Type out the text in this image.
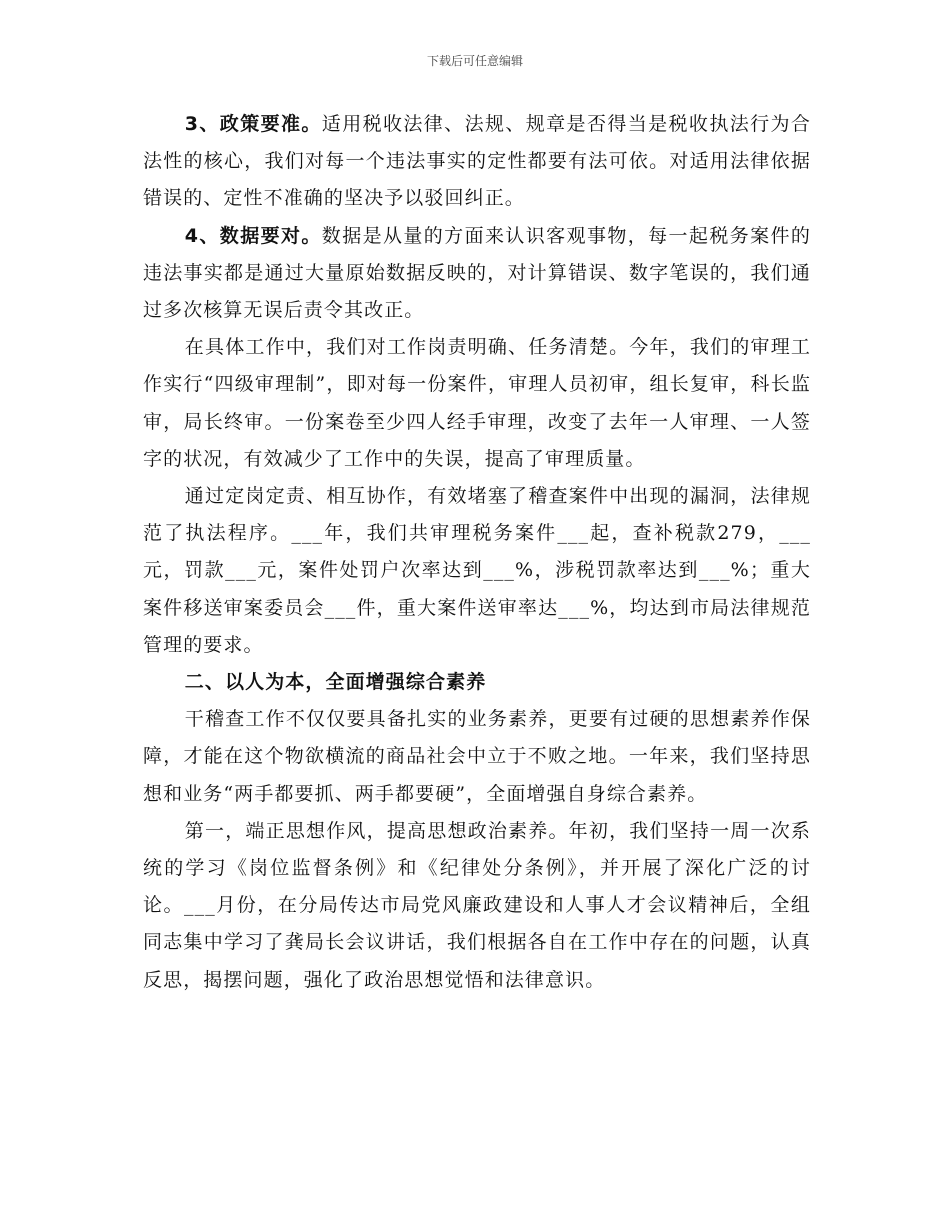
下载后可任意编辑

3、政策要准。适用税收法律、法规、规章是否得当是税收执法行为合法性的核心，我们对每一个违法事实的定性都要有法可依。对适用法律依据错误的、定性不准确的坚决予以驳回纠正。

4、数据要对。数据是从量的方面来认识客观事物，每一起税务案件的违法事实都是通过大量原始数据反映的，对计算错误、数字笔误的，我们通过多次核算无误后责令其改正。

在具体工作中，我们对工作岗责明确、任务清楚。今年，我们的审理工作实行“四级审理制”，即对每一份案件，审理人员初审，组长复审，科长监审，局长终审。一份案卷至少四人经手审理，改变了去年一人审理、一人签字的状况，有效减少了工作中的失误，提高了审理质量。

通过定岗定责、相互协作，有效堵塞了稽查案件中出现的漏洞，法律规范了执法程序。___年，我们共审理税务案件___起，查补税款279，___元，罚款___元，案件处罚户次率达到___%，涉税罚款率达到___%；重大案件移送审案委员会___件，重大案件送审率达___%，均达到市局法律规范管理的要求。

二、以人为本，全面增强综合素养

干稽查工作不仅仅要具备扎实的业务素养，更要有过硬的思想素养作保障，才能在这个物欲横流的商品社会中立于不败之地。一年来，我们坚持思想和业务“两手都要抓、两手都要硬”，全面增强自身综合素养。

第一，端正思想作风，提高思想政治素养。年初，我们坚持一周一次系统的学习《岗位监督条例》和《纪律处分条例》，并开展了深化广泛的讨论。___月份，在分局传达市局党风廉政建设和人事人才会议精神后，全组同志集中学习了龚局长会议讲话，我们根据各自在工作中存在的问题，认真反思，揭摆问题，强化了政治思想觉悟和法律意识。
